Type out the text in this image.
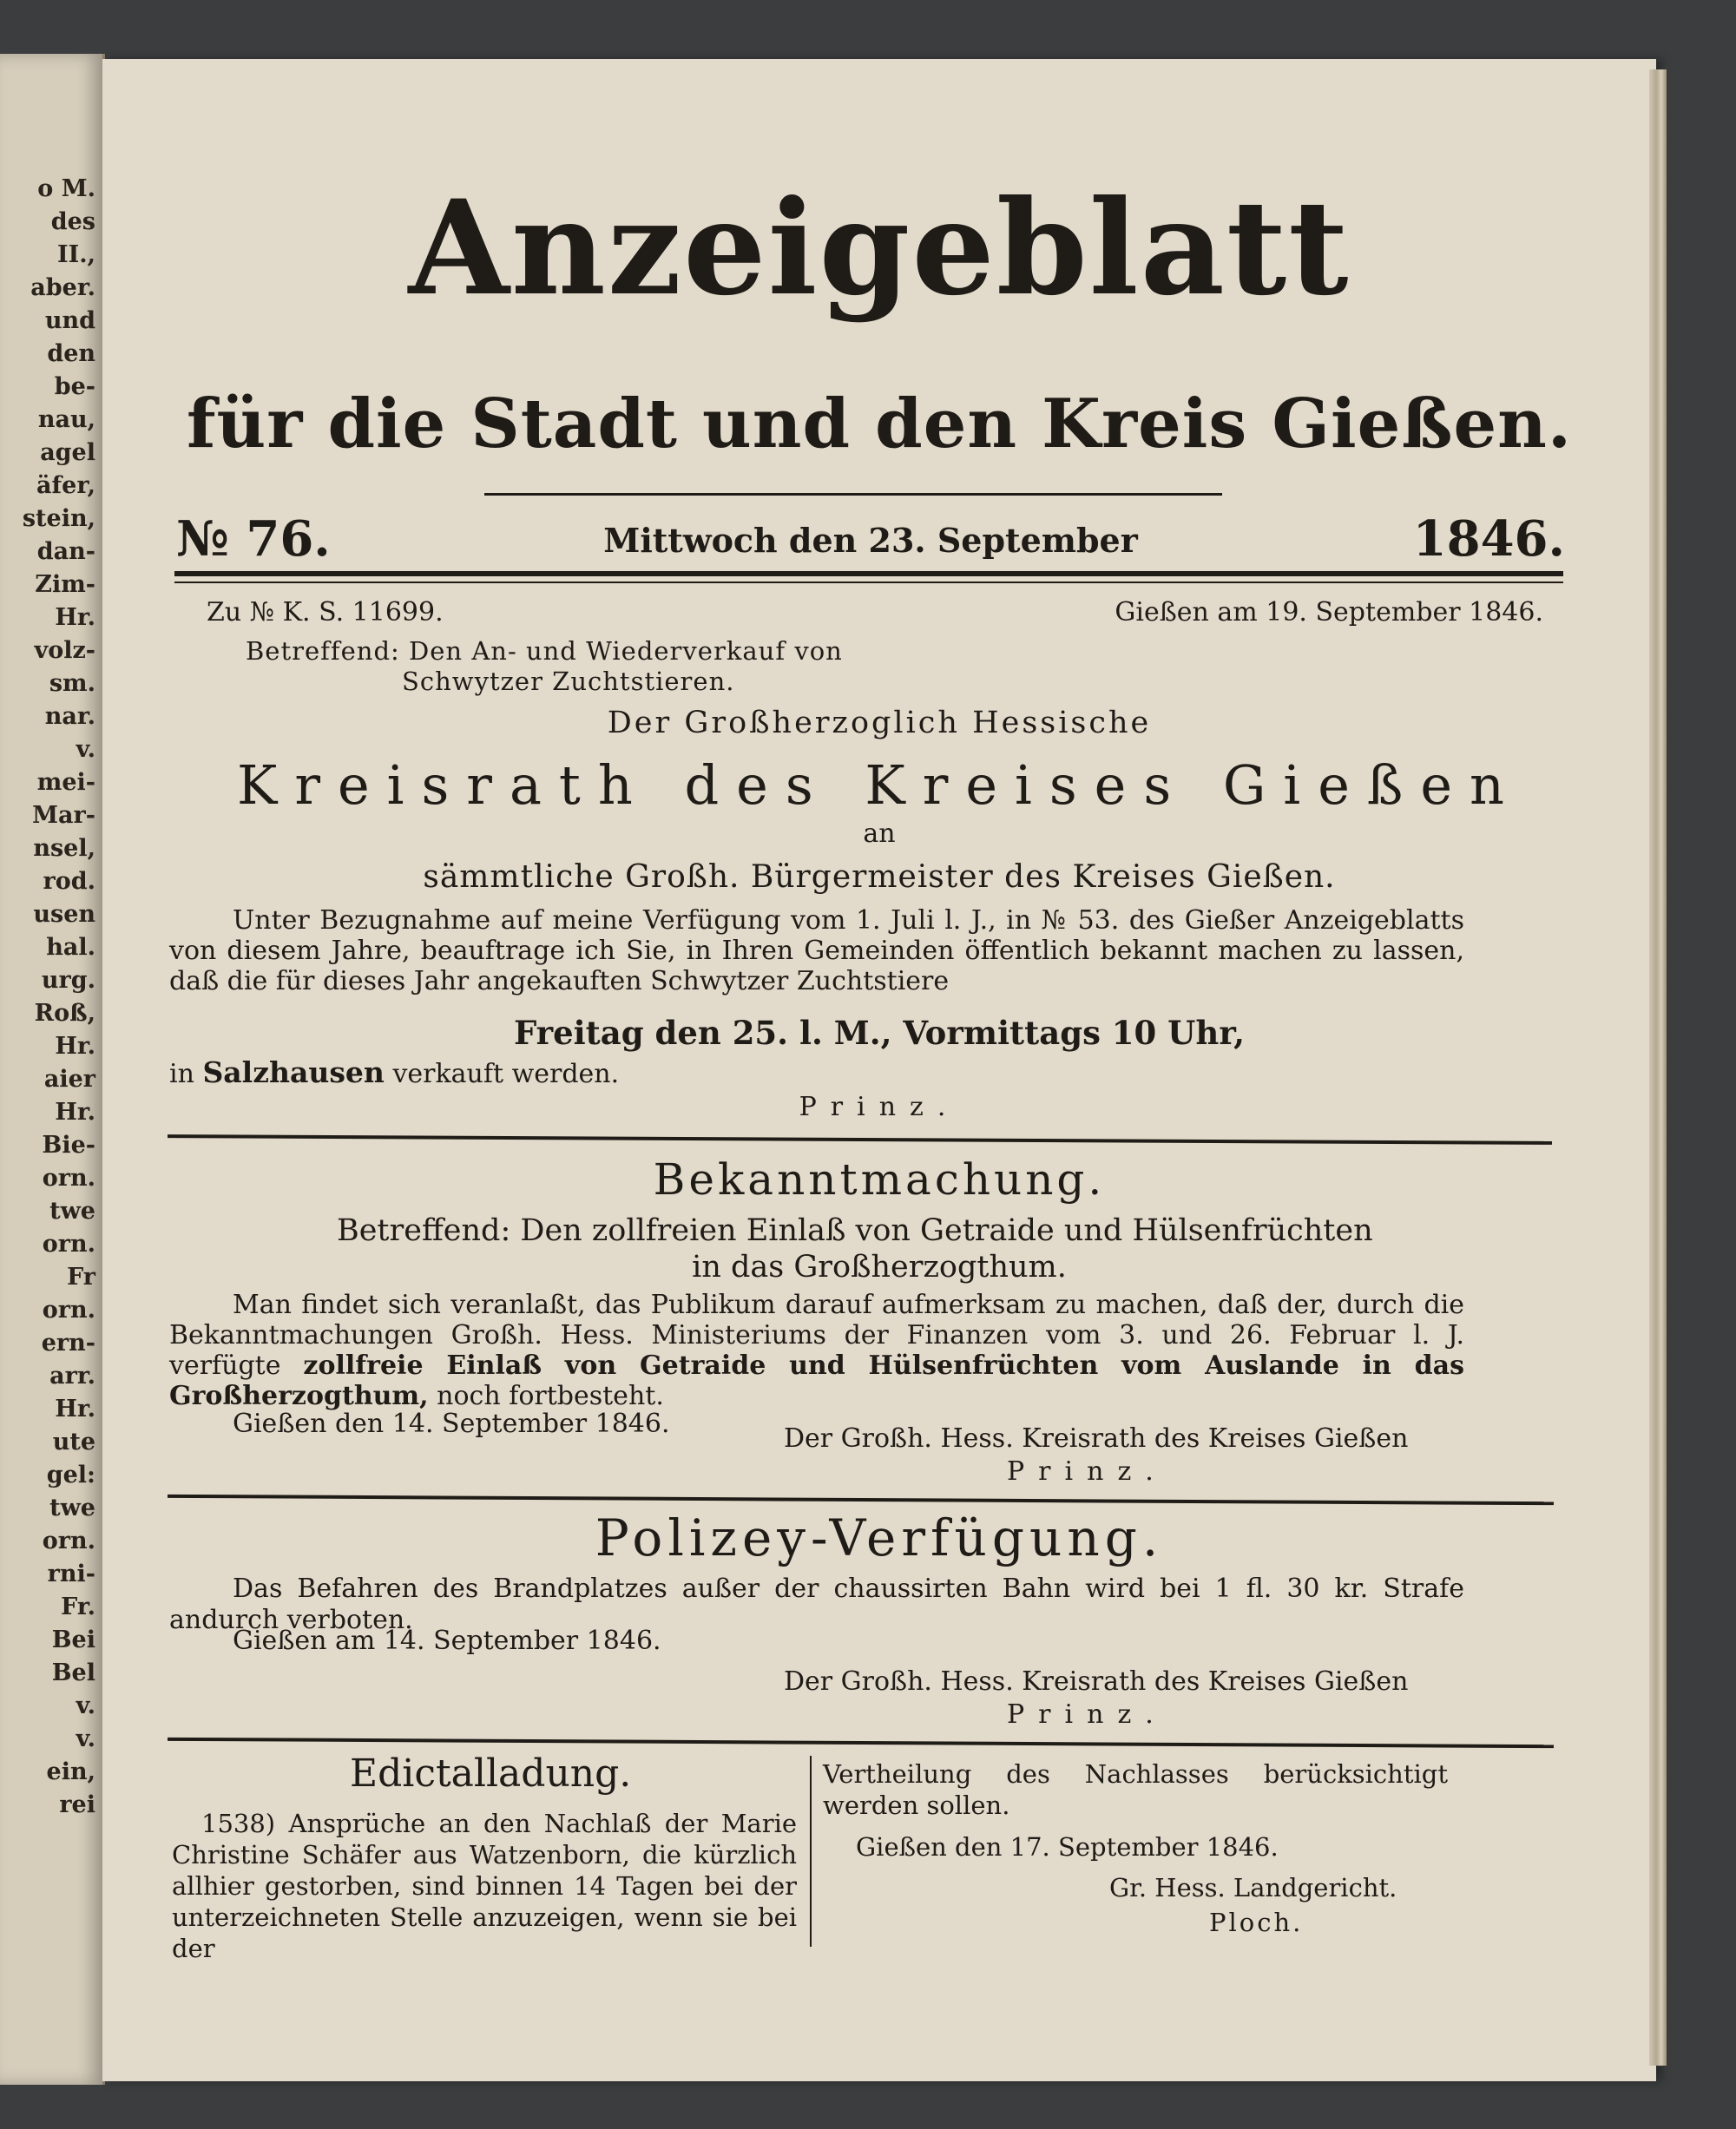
o M.
des
II.,
aber.
und
den
be-
nau,
agel
äfer,
stein,
dan-
Zim-
Hr.
volz-
sm.
nar.
v.
mei-
Mar-
nsel,
rod.
usen
hal.
urg.
Roß,
Hr.
aier
Hr.
Bie-
orn.
twe
orn.
Fr
orn.
ern-
arr.
Hr.
ute
gel:
twe
orn.
rni-
Fr.
Bei
Bel
v.
v.
ein,
rei
Anzeigeblatt
für die Stadt und den Kreis Gießen.
№ 76.	Mittwoch den 23. September	1846.
Zu № K. S. 11699.	Gießen am 19. September 1846.
Betreffend: Den An- und Wiederverkauf von
Schwytzer Zuchtstieren.
Der Großherzoglich Hessische
Kreisrath des Kreises Gießen
an
sämmtliche Großh. Bürgermeister des Kreises Gießen.
Unter Bezugnahme auf meine Verfügung vom 1. Juli l. J., in № 53. des Gießer Anzeigeblatts von diesem Jahre, beauftrage ich Sie, in Ihren Gemeinden öffentlich bekannt machen zu lassen, daß die für dieses Jahr angekauften Schwytzer Zuchtstiere
Freitag den 25. l. M., Vormittags 10 Uhr,
in Salzhausen verkauft werden.
Prinz.
Bekanntmachung.
Betreffend: Den zollfreien Einlaß von Getraide und Hülsenfrüchten
in das Großherzogthum.
Man findet sich veranlaßt, das Publikum darauf aufmerksam zu machen, daß der, durch die Bekanntmachungen Großh. Hess. Ministeriums der Finanzen vom 3. und 26. Februar l. J. verfügte zollfreie Einlaß von Getraide und Hülsenfrüchten vom Auslande in das Großherzogthum, noch fortbesteht.
Gießen den 14. September 1846.	Der Großh. Hess. Kreisrath des Kreises Gießen
Prinz.
Polizey-Verfügung.
Das Befahren des Brandplatzes außer der chaussirten Bahn wird bei 1 fl. 30 kr. Strafe andurch verboten.
Gießen am 14. September 1846.
Der Großh. Hess. Kreisrath des Kreises Gießen
Prinz.
Edictalladung.
1538) Ansprüche an den Nachlaß der Marie Christine Schäfer aus Watzenborn, die kürzlich allhier gestorben, sind binnen 14 Tagen bei der unterzeichneten Stelle anzuzeigen, wenn sie bei der
Vertheilung des Nachlasses berücksichtigt werden sollen.
Gießen den 17. September 1846.
Gr. Hess. Landgericht.
Ploch.
